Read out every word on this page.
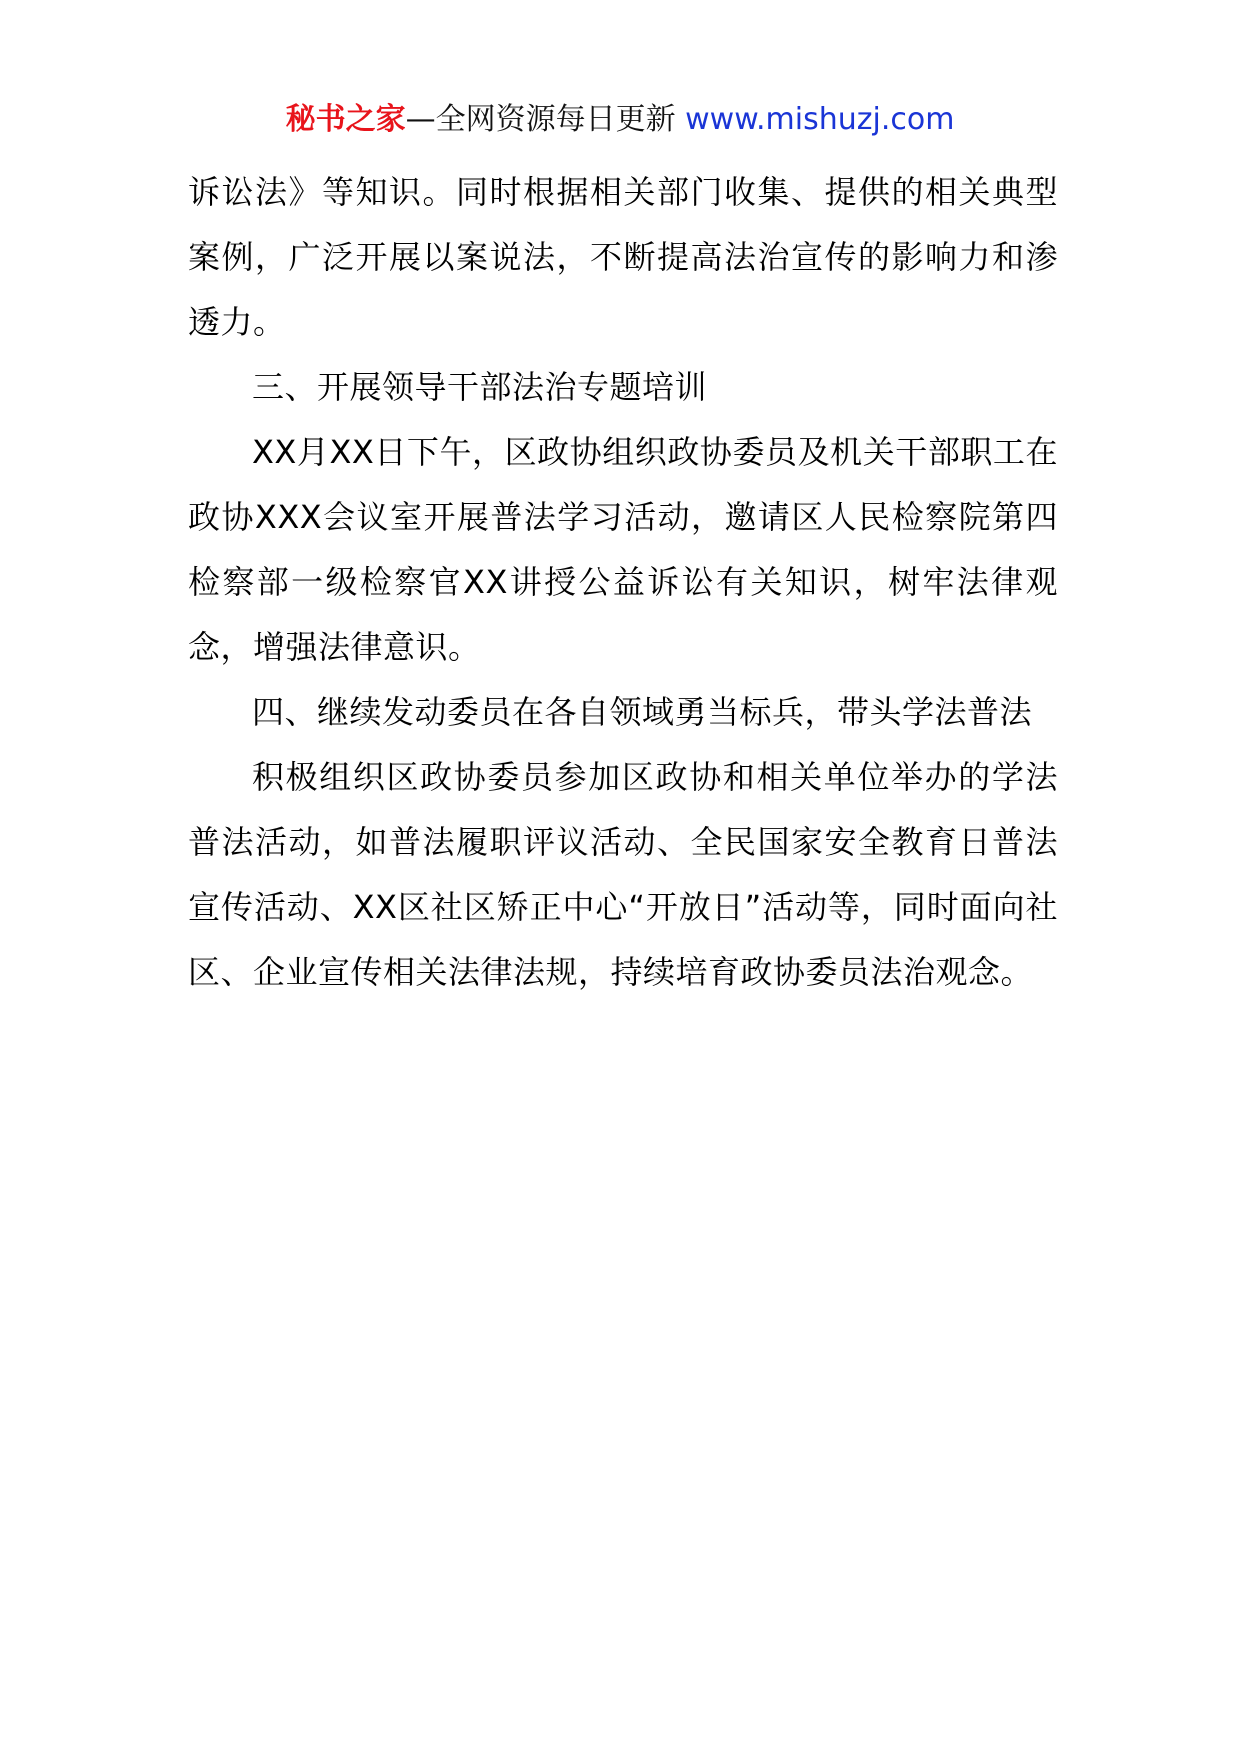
秘书之家—全网资源每日更新 www.mishuzj.com

诉讼法》等知识。同时根据相关部门收集、提供的相关典型案例，广泛开展以案说法，不断提高法治宣传的影响力和渗透力。

三、开展领导干部法治专题培训

XX月XX日下午，区政协组织政协委员及机关干部职工在政协XXX会议室开展普法学习活动，邀请区人民检察院第四检察部一级检察官XX讲授公益诉讼有关知识，树牢法律观念，增强法律意识。

四、继续发动委员在各自领域勇当标兵，带头学法普法

积极组织区政协委员参加区政协和相关单位举办的学法普法活动，如普法履职评议活动、全民国家安全教育日普法宣传活动、XX区社区矫正中心“开放日”活动等，同时面向社区、企业宣传相关法律法规，持续培育政协委员法治观念。
